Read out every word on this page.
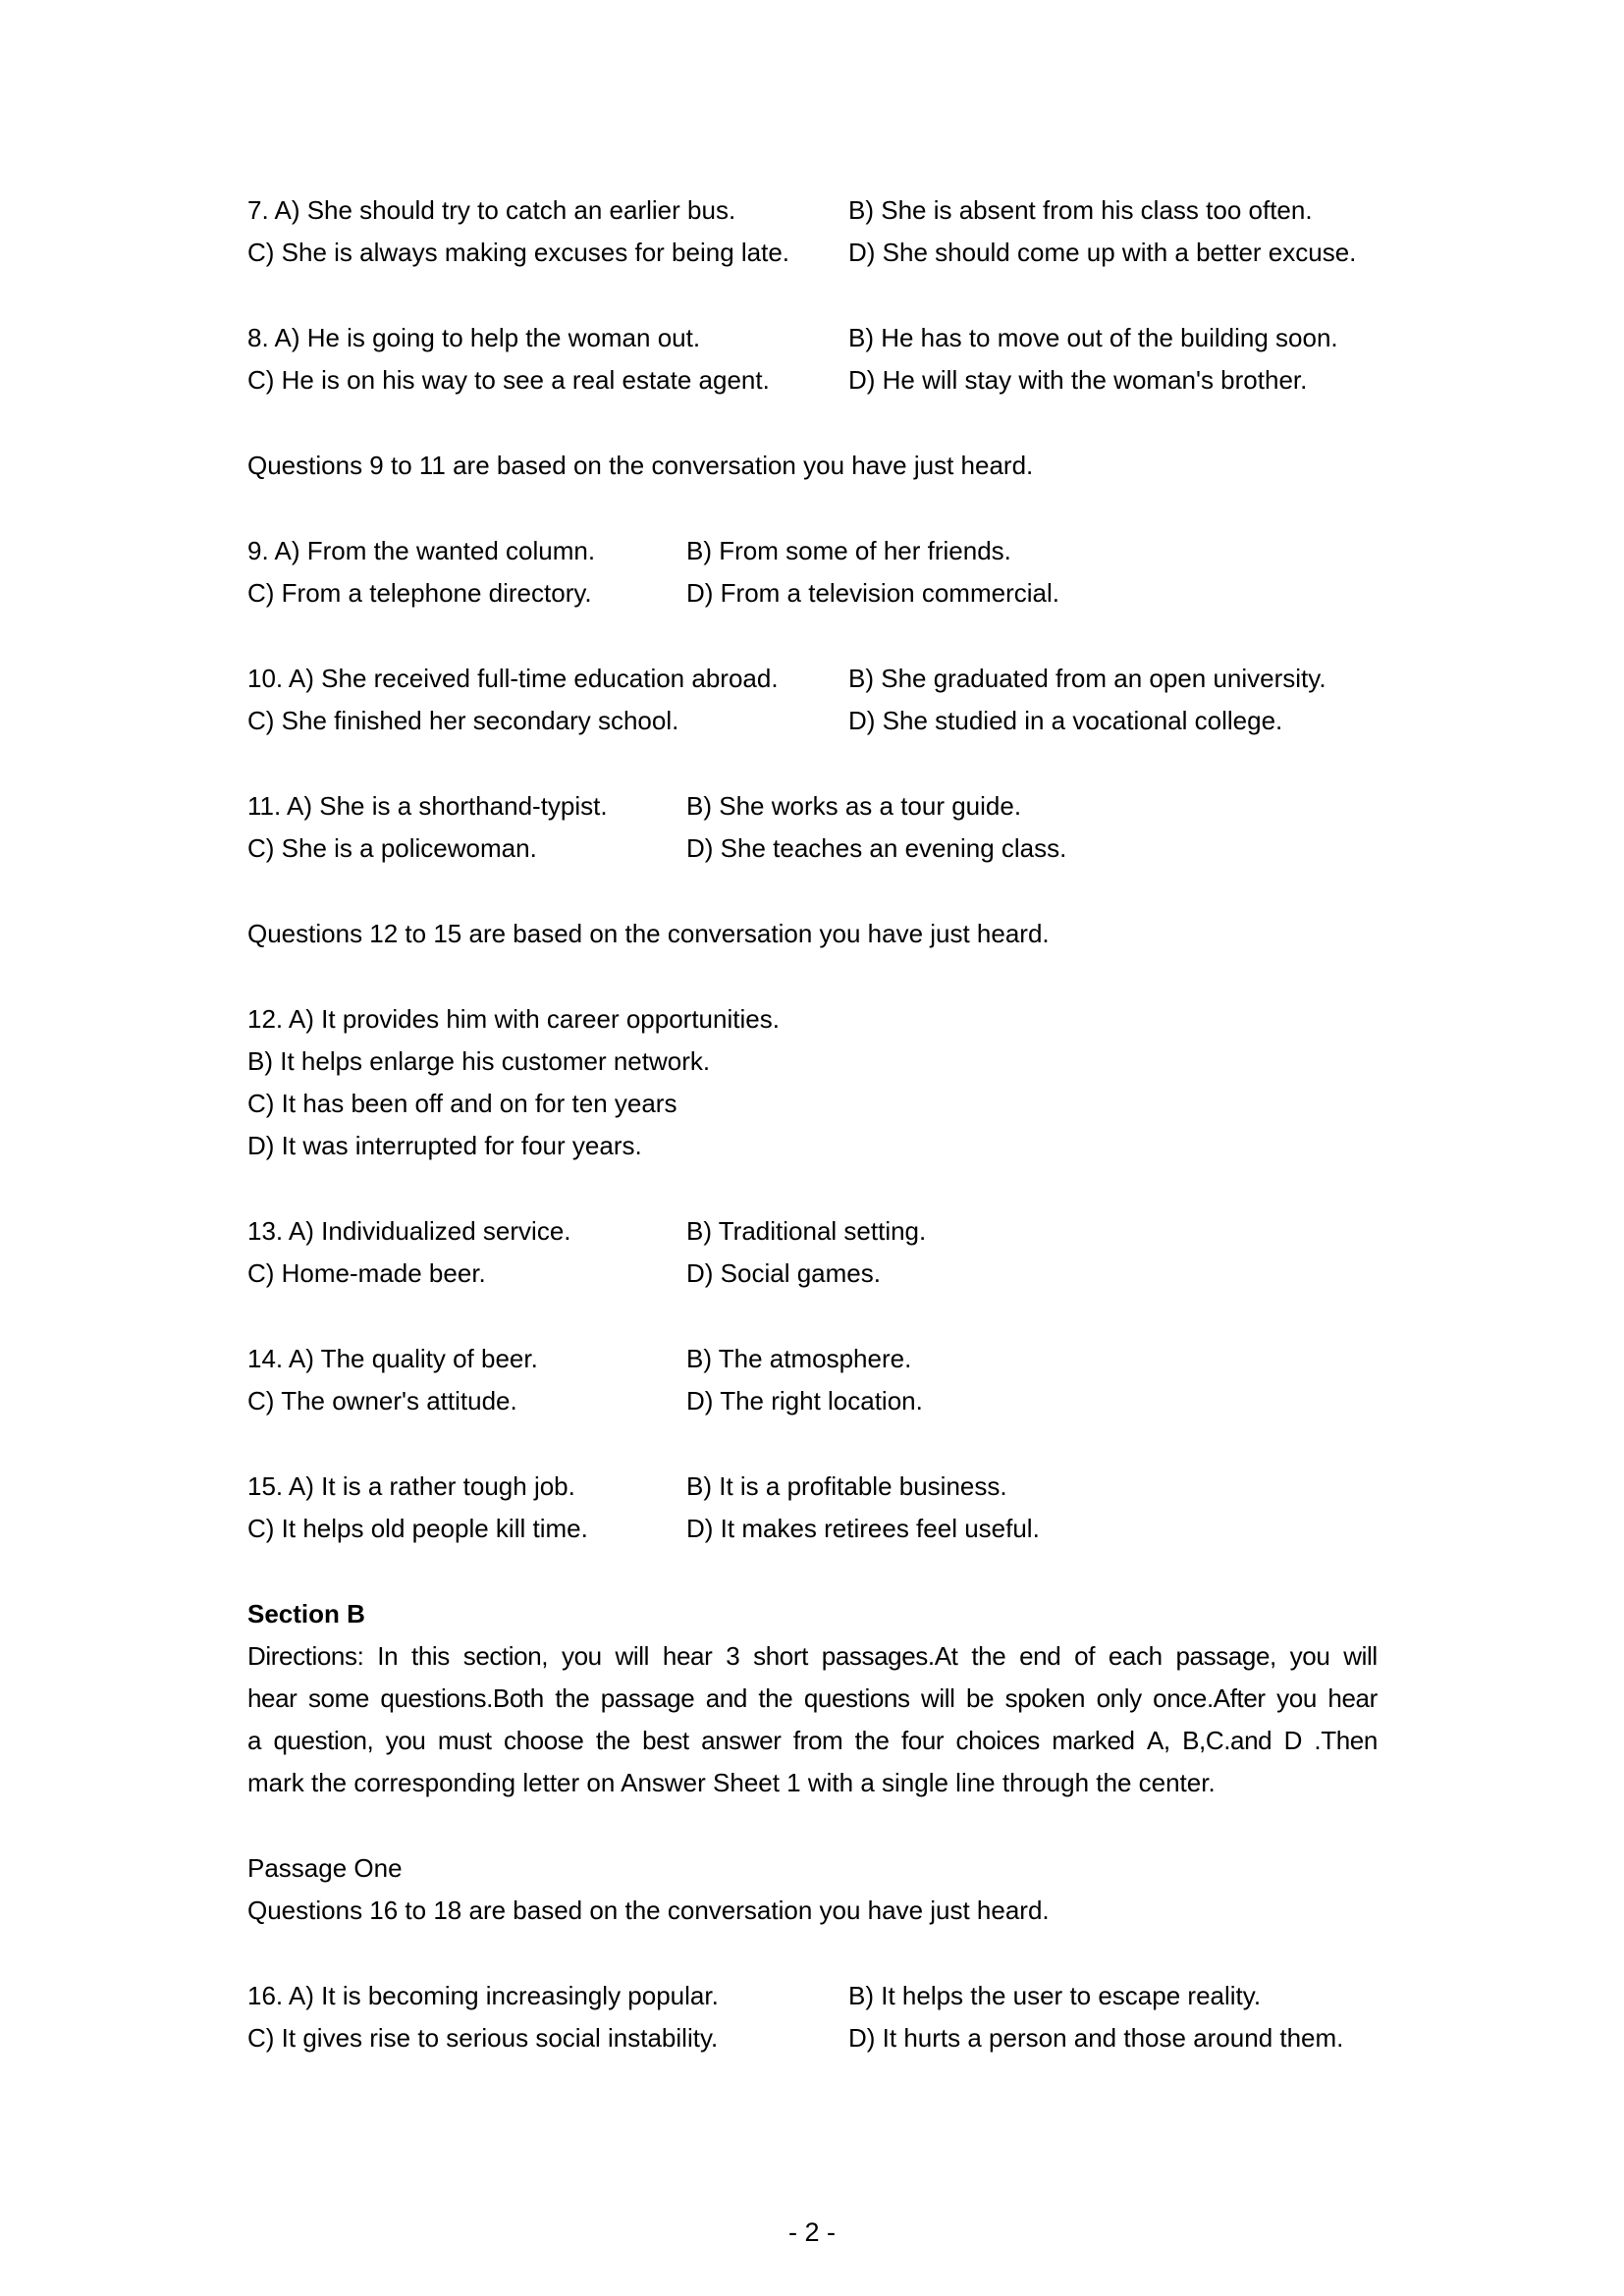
7. A) She should try to catch an earlier bus.	B) She is absent from his class too often.
C) She is always making excuses for being late. D) She should come up with a better excuse.
8. A) He is going to help the woman out.	B) He has to move out of the building soon.
C) He is on his way to see a real estate agent.	D) He will stay with the woman's brother.
Questions 9 to 11 are based on the conversation you have just heard.
9. A) From the wanted column.	B) From some of her friends.
C) From a telephone directory.	D) From a television commercial.
10. A) She received full-time education abroad.	B) She graduated from an open university.
C) She finished her secondary school.	D) She studied in a vocational college.
11. A) She is a shorthand-typist.	B) She works as a tour guide.
C) She is a policewoman.	D) She teaches an evening class.
Questions 12 to 15 are based on the conversation you have just heard.
12. A) It provides him with career opportunities.
B) It helps enlarge his customer network.
C) It has been off and on for ten years
D) It was interrupted for four years.
13. A) Individualized service.	B) Traditional setting.
C) Home-made beer.	D) Social games.
14. A) The quality of beer.	B) The atmosphere.
C) The owner's attitude.	D) The right location.
15. A) It is a rather tough job.	B) It is a profitable business.
C) It helps old people kill time.	D) It makes retirees feel useful.
Section B
Directions: In this section, you will hear 3 short passages.At the end of each passage, you will
hear some questions.Both the passage and the questions will be spoken only once.After you hear
a question, you must choose the best answer from the four choices marked A, B,C.and D .Then
mark the corresponding letter on Answer Sheet 1 with a single line through the center.
Passage One
Questions 16 to 18 are based on the conversation you have just heard.
16. A) It is becoming increasingly popular.	B) It helps the user to escape reality.
C) It gives rise to serious social instability.	D) It hurts a person and those around them.
- 2 -
